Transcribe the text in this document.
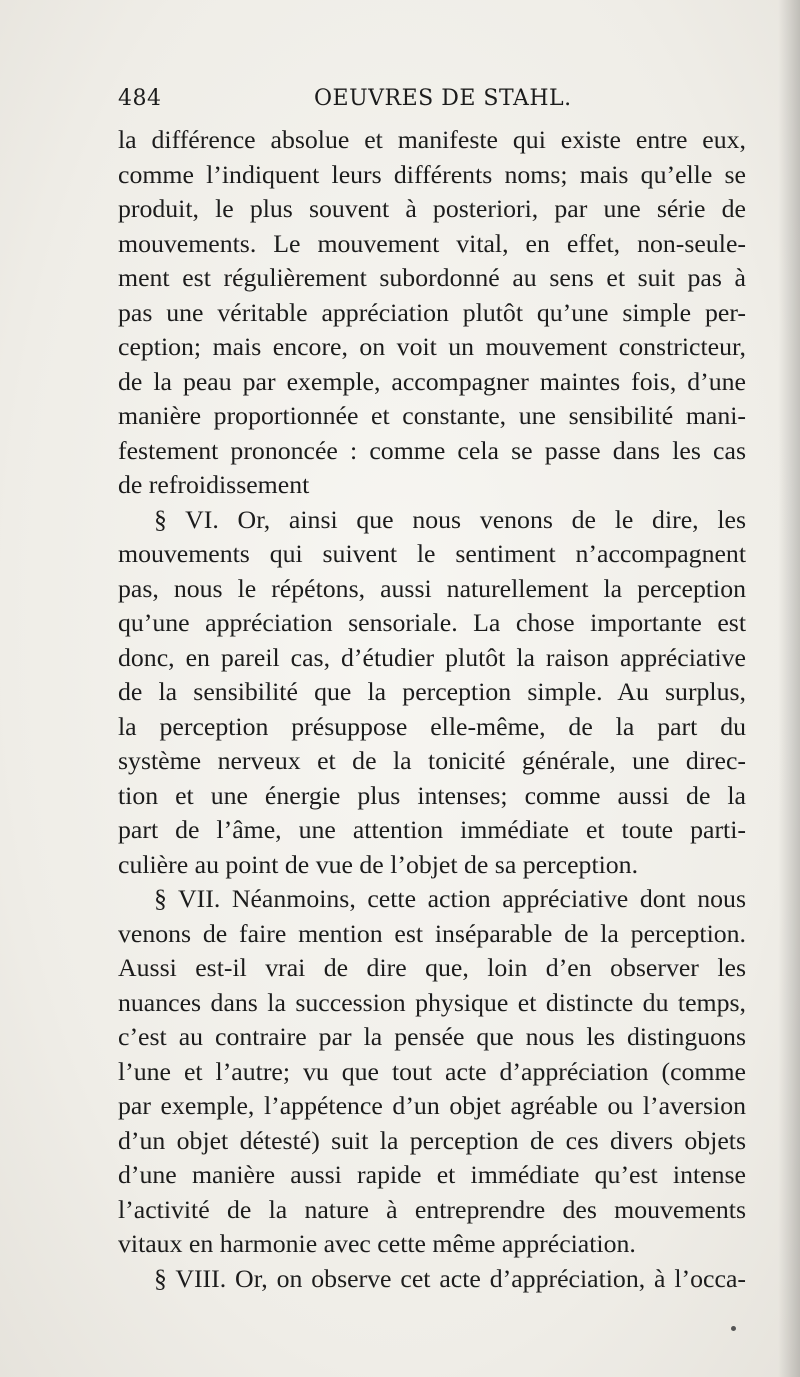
484	OEUVRES DE STAHL.
la différence absolue et manifeste qui existe entre eux,
comme l’indiquent leurs différents noms; mais qu’elle se
produit, le plus souvent à posteriori, par une série de
mouvements. Le mouvement vital, en effet, non-seule-
ment est régulièrement subordonné au sens et suit pas à
pas une véritable appréciation plutôt qu’une simple per-
ception; mais encore, on voit un mouvement constricteur,
de la peau par exemple, accompagner maintes fois, d’une
manière proportionnée et constante, une sensibilité mani-
festement prononcée : comme cela se passe dans les cas
de refroidissement
§ VI. Or, ainsi que nous venons de le dire, les
mouvements qui suivent le sentiment n’accompagnent
pas, nous le répétons, aussi naturellement la perception
qu’une appréciation sensoriale. La chose importante est
donc, en pareil cas, d’étudier plutôt la raison appréciative
de la sensibilité que la perception simple. Au surplus,
la perception présuppose elle-même, de la part du
système nerveux et de la tonicité générale, une direc-
tion et une énergie plus intenses; comme aussi de la
part de l’âme, une attention immédiate et toute parti-
culière au point de vue de l’objet de sa perception.
§ VII. Néanmoins, cette action appréciative dont nous
venons de faire mention est inséparable de la perception.
Aussi est-il vrai de dire que, loin d’en observer les
nuances dans la succession physique et distincte du temps,
c’est au contraire par la pensée que nous les distinguons
l’une et l’autre; vu que tout acte d’appréciation (comme
par exemple, l’appétence d’un objet agréable ou l’aversion
d’un objet détesté) suit la perception de ces divers objets
d’une manière aussi rapide et immédiate qu’est intense
l’activité de la nature à entreprendre des mouvements
vitaux en harmonie avec cette même appréciation.
§ VIII. Or, on observe cet acte d’appréciation, à l’occa-
